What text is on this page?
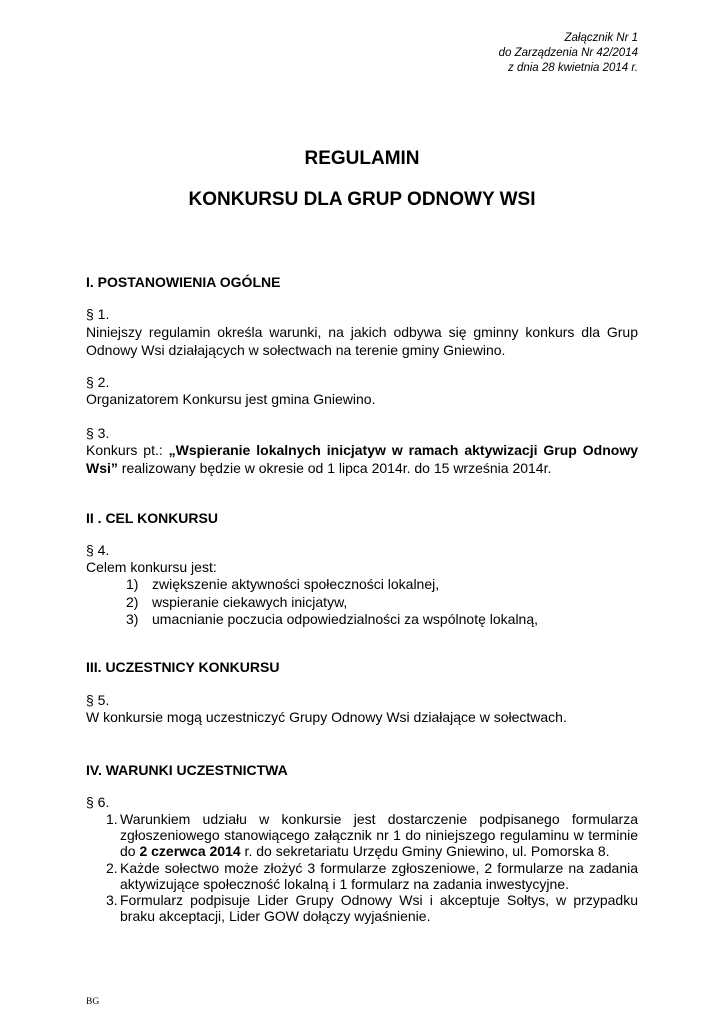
Załącznik Nr 1
do Zarządzenia Nr 42/2014
z dnia 28 kwietnia 2014 r.
REGULAMIN
KONKURSU DLA GRUP ODNOWY WSI
I. POSTANOWIENIA OGÓLNE
§ 1.
Niniejszy regulamin określa warunki, na jakich odbywa się gminny konkurs dla Grup Odnowy Wsi działających w sołectwach na terenie gminy Gniewino.
§ 2.
Organizatorem Konkursu jest gmina Gniewino.
§ 3.
Konkurs pt.: „Wspieranie lokalnych inicjatyw w ramach aktywizacji Grup Odnowy Wsi” realizowany będzie w okresie od 1 lipca 2014r. do 15 września 2014r.
II . CEL KONKURSU
§ 4.
Celem konkursu jest:
1) zwiększenie aktywności społeczności lokalnej,
2) wspieranie ciekawych inicjatyw,
3) umacnianie poczucia odpowiedzialności za wspólnotę lokalną,
III. UCZESTNICY KONKURSU
§ 5.
W konkursie mogą uczestniczyć Grupy Odnowy Wsi działające w sołectwach.
IV. WARUNKI UCZESTNICTWA
§ 6.
1. Warunkiem udziału w konkursie jest dostarczenie podpisanego formularza zgłoszeniowego stanowiącego załącznik nr 1 do niniejszego regulaminu w terminie do 2 czerwca 2014 r. do sekretariatu Urzędu Gminy Gniewino, ul. Pomorska 8.
2. Każde sołectwo może złożyć 3 formularze zgłoszeniowe, 2 formularze na zadania aktywizujące społeczność lokalną i 1 formularz na zadania inwestycyjne.
3. Formularz podpisuje Lider Grupy Odnowy Wsi i akceptuje Sołtys, w przypadku braku akceptacji, Lider GOW dołączy wyjaśnienie.
BG
